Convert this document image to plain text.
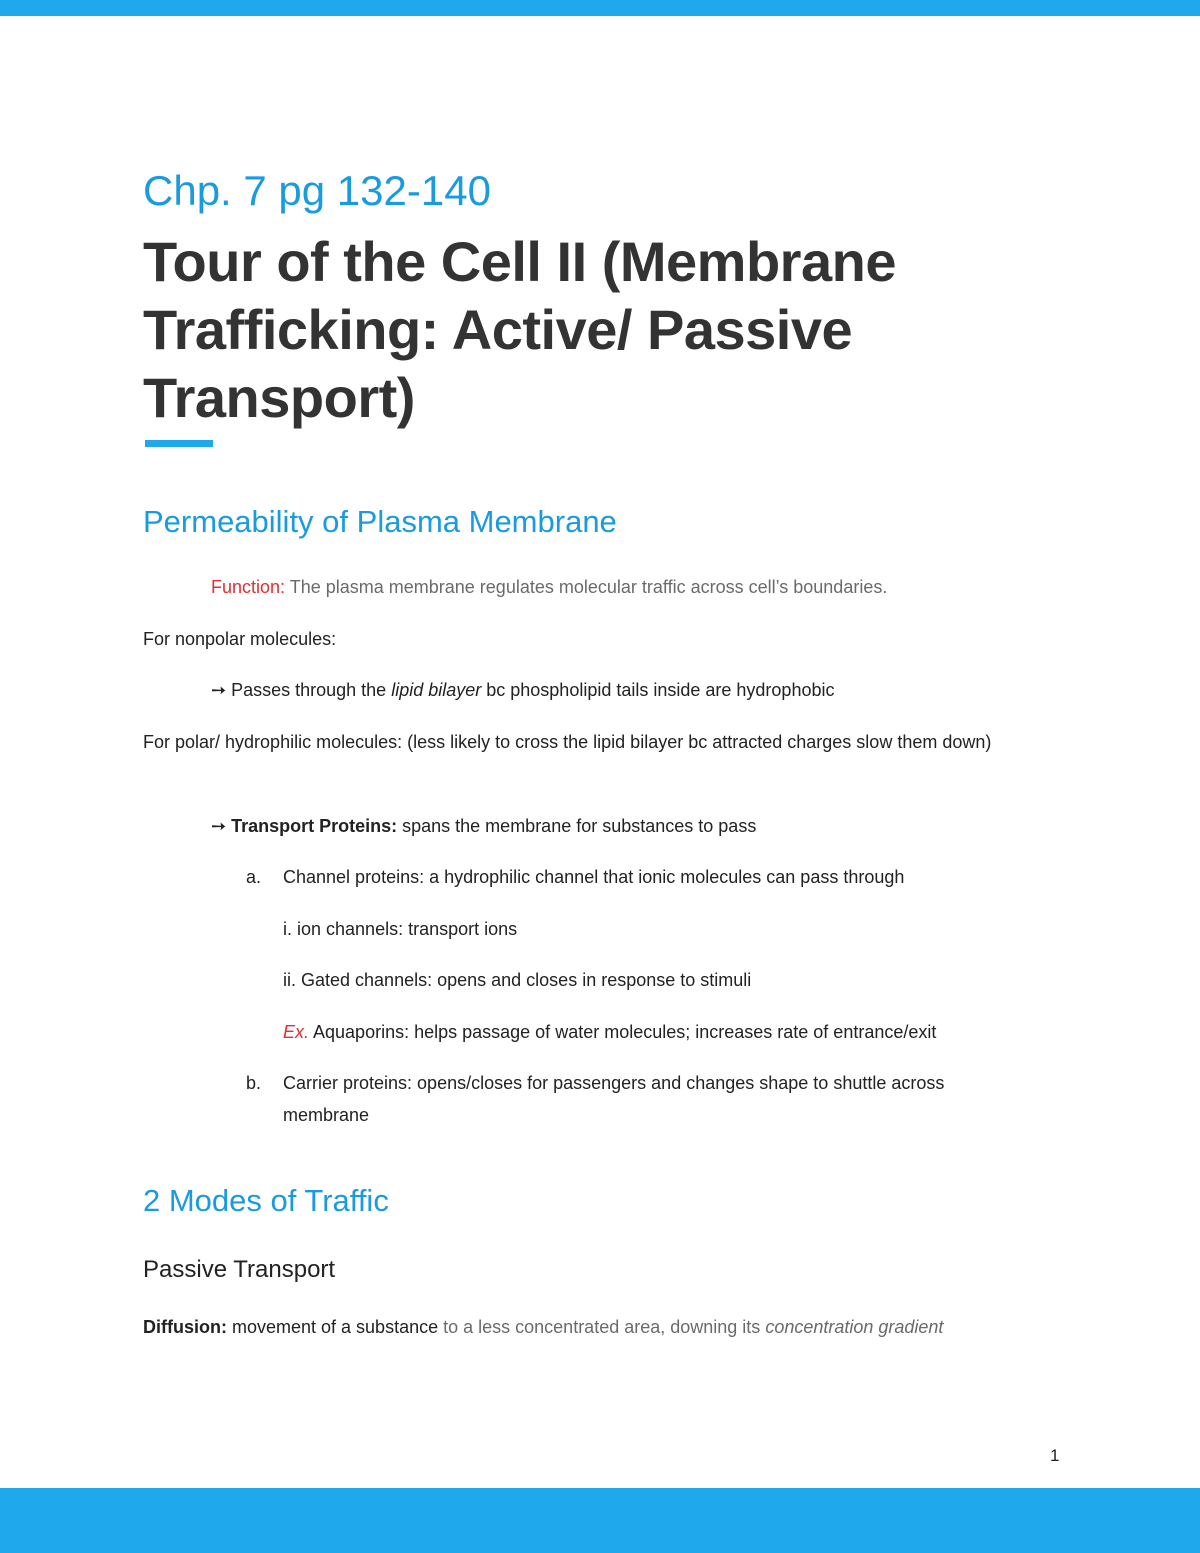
Chp. 7 pg 132-140
Tour of the Cell II (Membrane Trafficking: Active/ Passive Transport)
Permeability of Plasma Membrane
Function: The plasma membrane regulates molecular traffic across cell’s boundaries.
For nonpolar molecules:
➙ Passes through the lipid bilayer bc phospholipid tails inside are hydrophobic
For polar/ hydrophilic molecules: (less likely to cross the lipid bilayer bc attracted charges slow them down)
➙ Transport Proteins: spans the membrane for substances to pass
a. Channel proteins: a hydrophilic channel that ionic molecules can pass through
i. ion channels: transport ions
ii. Gated channels: opens and closes in response to stimuli
Ex. Aquaporins: helps passage of water molecules; increases rate of entrance/exit
b. Carrier proteins: opens/closes for passengers and changes shape to shuttle across membrane
2 Modes of Traffic
Passive Transport
Diffusion: movement of a substance to a less concentrated area, downing its concentration gradient
1
